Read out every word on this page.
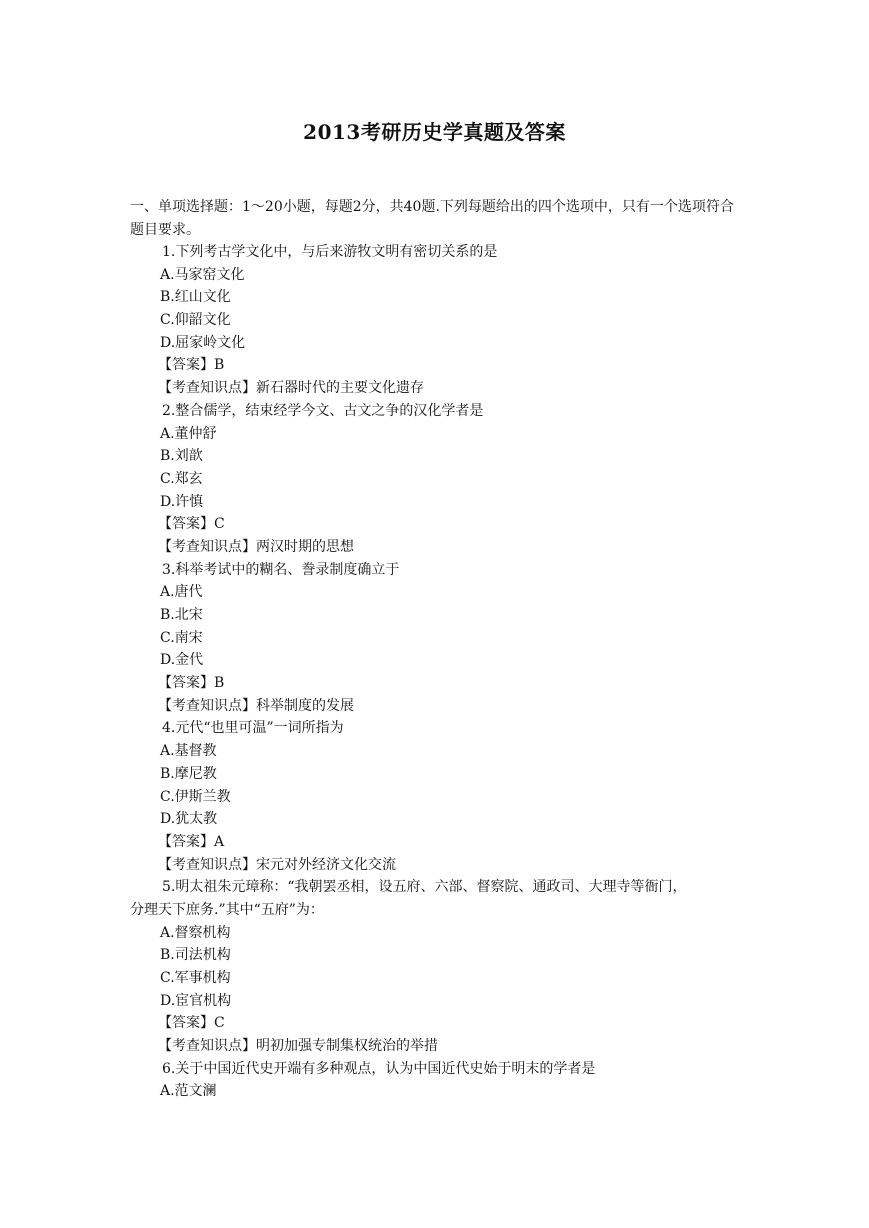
2013考研历史学真题及答案
一、单项选择题：1～20小题，每题2分，共40题.下列每题给出的四个选项中，只有一个选项符合题目要求。
1.下列考古学文化中，与后来游牧文明有密切关系的是
A.马家窑文化
B.红山文化
C.仰韶文化
D.屈家岭文化
【答案】B
【考查知识点】新石器时代的主要文化遗存
2.整合儒学，结束经学今文、古文之争的汉化学者是
A.董仲舒
B.刘歆
C.郑玄
D.许慎
【答案】C
【考查知识点】两汉时期的思想
3.科举考试中的糊名、誊录制度确立于
A.唐代
B.北宋
C.南宋
D.金代
【答案】B
【考查知识点】科举制度的发展
4.元代“也里可温”一词所指为
A.基督教
B.摩尼教
C.伊斯兰教
D.犹太教
【答案】A
【考查知识点】宋元对外经济文化交流
5.明太祖朱元璋称：“我朝罢丞相，设五府、六部、督察院、通政司、大理寺等衙门，
分理天下庶务.”其中“五府”为：
A.督察机构
B.司法机构
C.军事机构
D.宦官机构
【答案】C
【考查知识点】明初加强专制集权统治的举措
6.关于中国近代史开端有多种观点，认为中国近代史始于明末的学者是
A.范文澜
